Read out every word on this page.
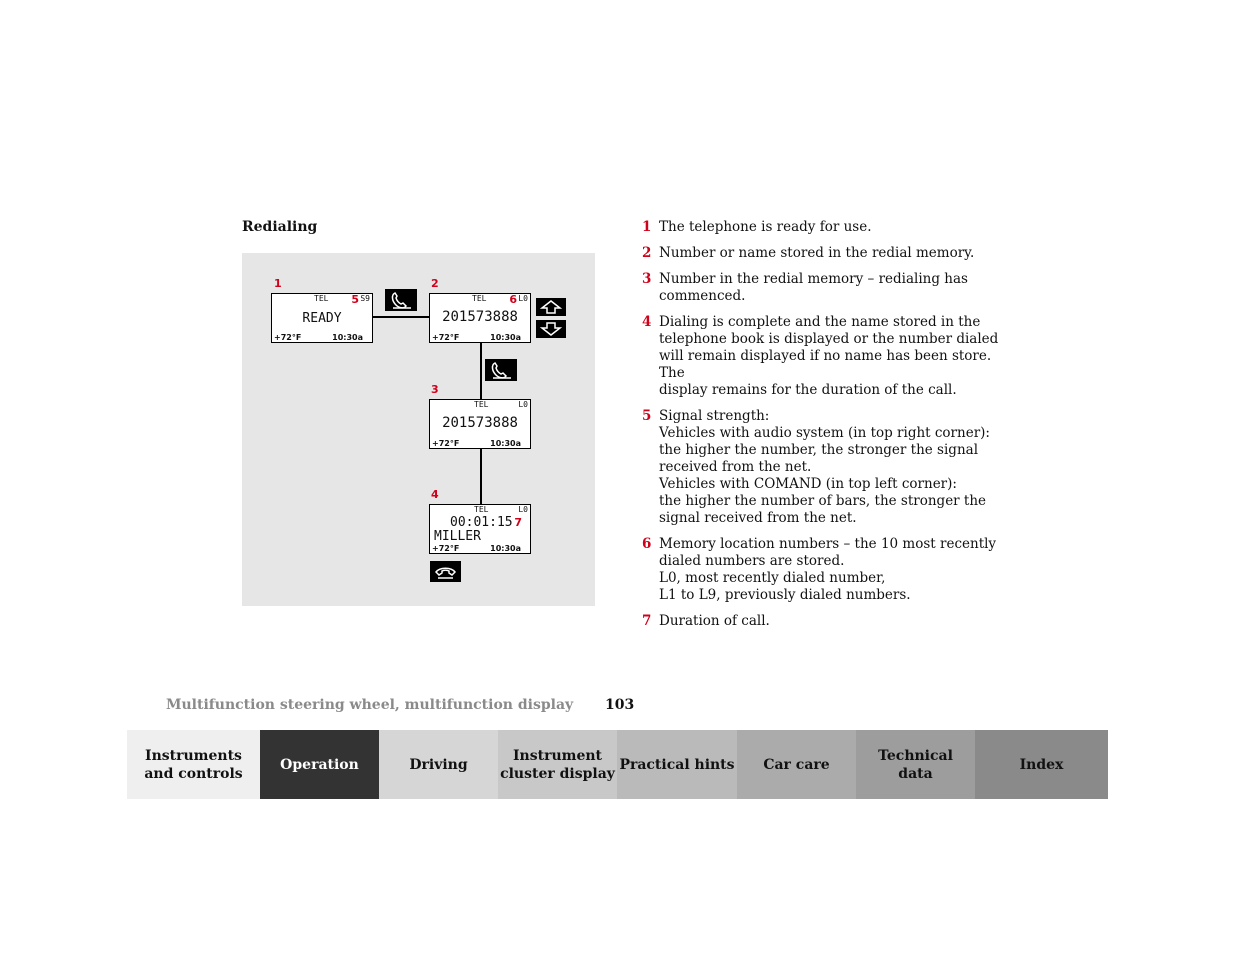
Redialing
1	2
3
4
TEL 5 S9
READY
+72°F	10:30a
TEL 6 L0
201573888
+72°F	10:30a
TEL	L0
201573888
+72°F	10:30a
TEL	L0
00:01:15 7
MILLER
+72°F	10:30a
1 The telephone is ready for use.
2 Number or name stored in the redial memory.
3 Number in the redial memory – redialing has
commenced.
4 Dialing is complete and the name stored in the
telephone book is displayed or the number dialed
will remain displayed if no name has been store. The
display remains for the duration of the call.
5 Signal strength:
Vehicles with audio system (in top right corner):
the higher the number, the stronger the signal
received from the net.
Vehicles with COMAND (in top left corner):
the higher the number of bars, the stronger the
signal received from the net.
6 Memory location numbers – the 10 most recently
dialed numbers are stored.
L0, most recently dialed number,
L1 to L9, previously dialed numbers.
7 Duration of call.
Multifunction steering wheel, multifunction display 103
Instruments
and controls
Operation	Driving
Instrument
cluster display
Practical hints	Car care
Technical
data
Index
